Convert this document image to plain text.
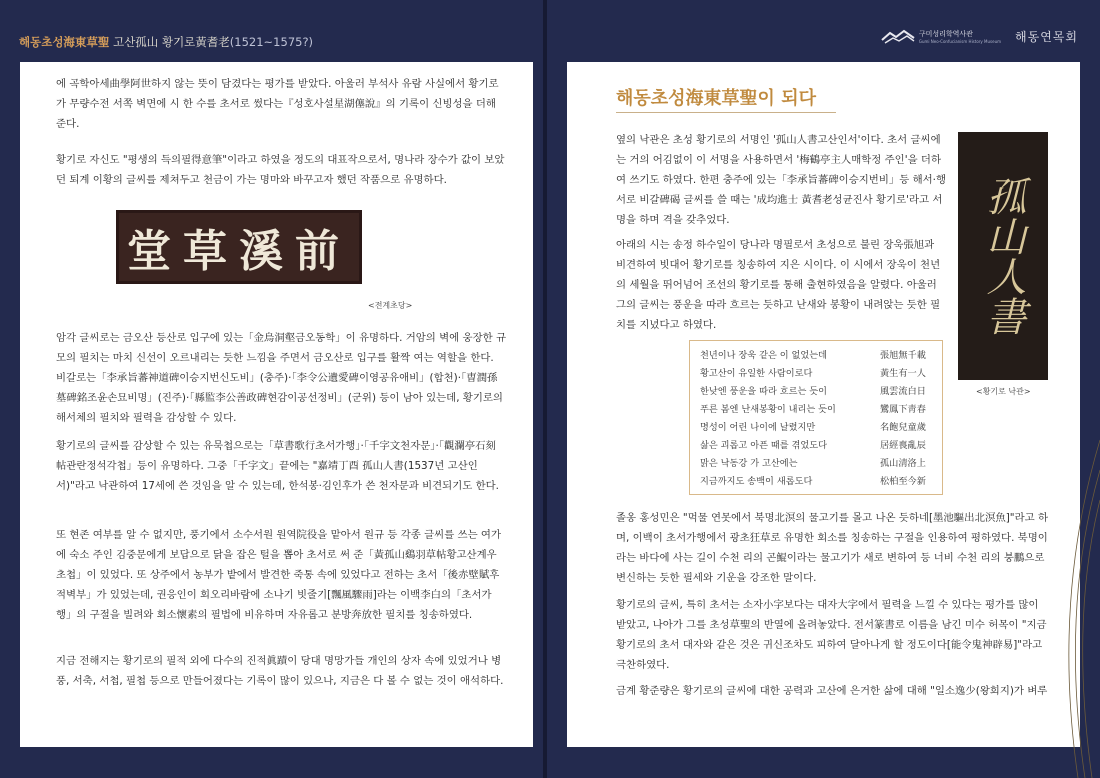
해동초성海東草聖 고산孤山 황기로黃耆老(1521~1575?)

에 곡학아세曲學阿世하지 않는 뜻이 담겼다는 평가를 받았다. 아울러 부석사 유람 사실에서 황기로가 무량수전 서쪽 벽면에 시 한 수를 초서로 썼다는『성호사설星湖僿說』의 기록이 신빙성을 더해 준다.

황기로 자신도 "평생의 득의필得意筆"이라고 하였을 정도의 대표작으로서, 명나라 장수가 값이 보았던 퇴계 이황의 글씨를 제쳐두고 천금이 가는 명마와 바꾸고자 했던 작품으로 유명하다.

堂草溪前
<전계초당>

암각 글씨로는 금오산 등산로 입구에 있는「金烏洞壑금오동학」이 유명하다. 거암의 벽에 웅장한 규모의 필치는 마치 신선이 오르내리는 듯한 느낌을 주면서 금오산로 입구를 활짝 여는 역할을 한다. 비갈로는「李承旨蕃神道碑이승지번신도비」(충주)·「李令公遺愛碑이영공유애비」(합천)·「曺潤孫墓碑銘조윤손묘비명」(진주)·「縣監李公善政碑현감이공선정비」(군위) 등이 남아 있는데, 황기로의 해서체의 필치와 필력을 감상할 수 있다.

황기로의 글씨를 감상할 수 있는 유묵첩으로는「草書歌行초서가행」·「千字文천자문」·「觀瀾亭石刻帖관란정석각첩」등이 유명하다. 그중「千字文」끝에는 "嘉靖丁酉 孤山人書(1537년 고산인서)"라고 낙관하여 17세에 쓴 것임을 알 수 있는데, 한석봉·김인후가 쓴 천자문과 비견되기도 한다.

또 현존 여부를 알 수 없지만, 풍기에서 소수서원 원역院役을 맡아서 원규 등 각종 글씨를 쓰는 여가에 숙소 주인 김중문에게 보답으로 닭을 잡은 털을 뽑아 초서로 써 준「黃孤山鷄羽草帖황고산계우초첩」이 있었다. 또 상주에서 농부가 밭에서 발견한 죽통 속에 있었다고 전하는 초서「後赤壁賦후적벽부」가 있었는데, 권응인이 회오리바람에 소나기 빗줄기[飄風驟雨]라는 이백李白의「초서가행」의 구절을 빌려와 회소懷素의 필법에 비유하며 자유롭고 분방奔放한 필치를 칭송하였다.

지금 전해지는 황기로의 필적 외에 다수의 진적眞蹟이 당대 명망가들 개인의 상자 속에 있었거나 병풍, 서축, 서첩, 필첩 등으로 만들어졌다는 기록이 많이 있으나, 지금은 다 볼 수 없는 것이 애석하다.

구미성리학역사관
Gumi Neo-Confucianism History Museum 해동연목회
해동초성海東草聖이 되다

옆의 낙관은 초성 황기로의 서명인 '孤山人書고산인서'이다. 초서 글씨에는 거의 어김없이 이 서명을 사용하면서 '梅鶴亭主人매학정 주인'을 더하여 쓰기도 하였다. 한편 충주에 있는「李承旨蕃碑이승지번비」등 해서·행서로 비갈碑碣 글씨를 쓸 때는 '成均進士 黃耆老성균진사 황기로'라고 서명을 하며 격을 갖추었다.

아래의 시는 송정 하수일이 당나라 명필로서 초성으로 불린 장욱張旭과 비견하여 빗대어 황기로를 칭송하여 지은 시이다. 이 시에서 장욱이 천년의 세월을 뛰어넘어 조선의 황기로를 통해 출현하였음을 알렸다. 아울러 그의 글씨는 풍운을 따라 흐르는 듯하고 난새와 봉황이 내려앉는 듯한 필치를 지녔다고 하였다.	孤山人書
<황기로 낙관>
천년이나 장욱 같은 이 없었는데	張旭無千載
황고산이 유일한 사람이로다	黃生有一人
한낮엔 풍운을 따라 흐르는 듯이	風雲流白日
푸른 봄엔 난새봉황이 내리는 듯이	鸞鳳下靑春
명성이 어린 나이에 날렸지만	名飽兒童歲
삶은 괴롭고 아픈 때를 겪었도다	居經喪亂辰
맑은 낙동강 가 고산에는	孤山淸洛上
지금까지도 송백이 새롭도다	松柏至今新

졸옹 홍성민은 "먹물 연못에서 북명北溟의 물고기를 몰고 나온 듯하네[墨池驅出北溟魚]"라고 하며, 이백이 초서가행에서 광초狂草로 유명한 회소를 칭송하는 구절을 인용하여 평하였다. 북명이라는 바다에 사는 길이 수천 리의 곤鯤이라는 물고기가 새로 변하여 등 너비 수천 리의 붕鵬으로 변신하는 듯한 필세와 기운을 강조한 말이다.

황기로의 글씨, 특히 초서는 소자小字보다는 대자大字에서 필력을 느낄 수 있다는 평가를 많이 받았고, 나아가 그를 초성草聖의 반열에 올려놓았다. 전서篆書로 이름을 남긴 미수 허목이 "지금 황기로의 초서 대자와 같은 것은 귀신조차도 피하여 달아나게 할 정도이다[能令鬼神辟易]"라고 극찬하였다.

금계 황준량은 황기로의 글씨에 대한 공력과 고산에 은거한 삶에 대해 "일소逸少(왕희지)가 벼루
